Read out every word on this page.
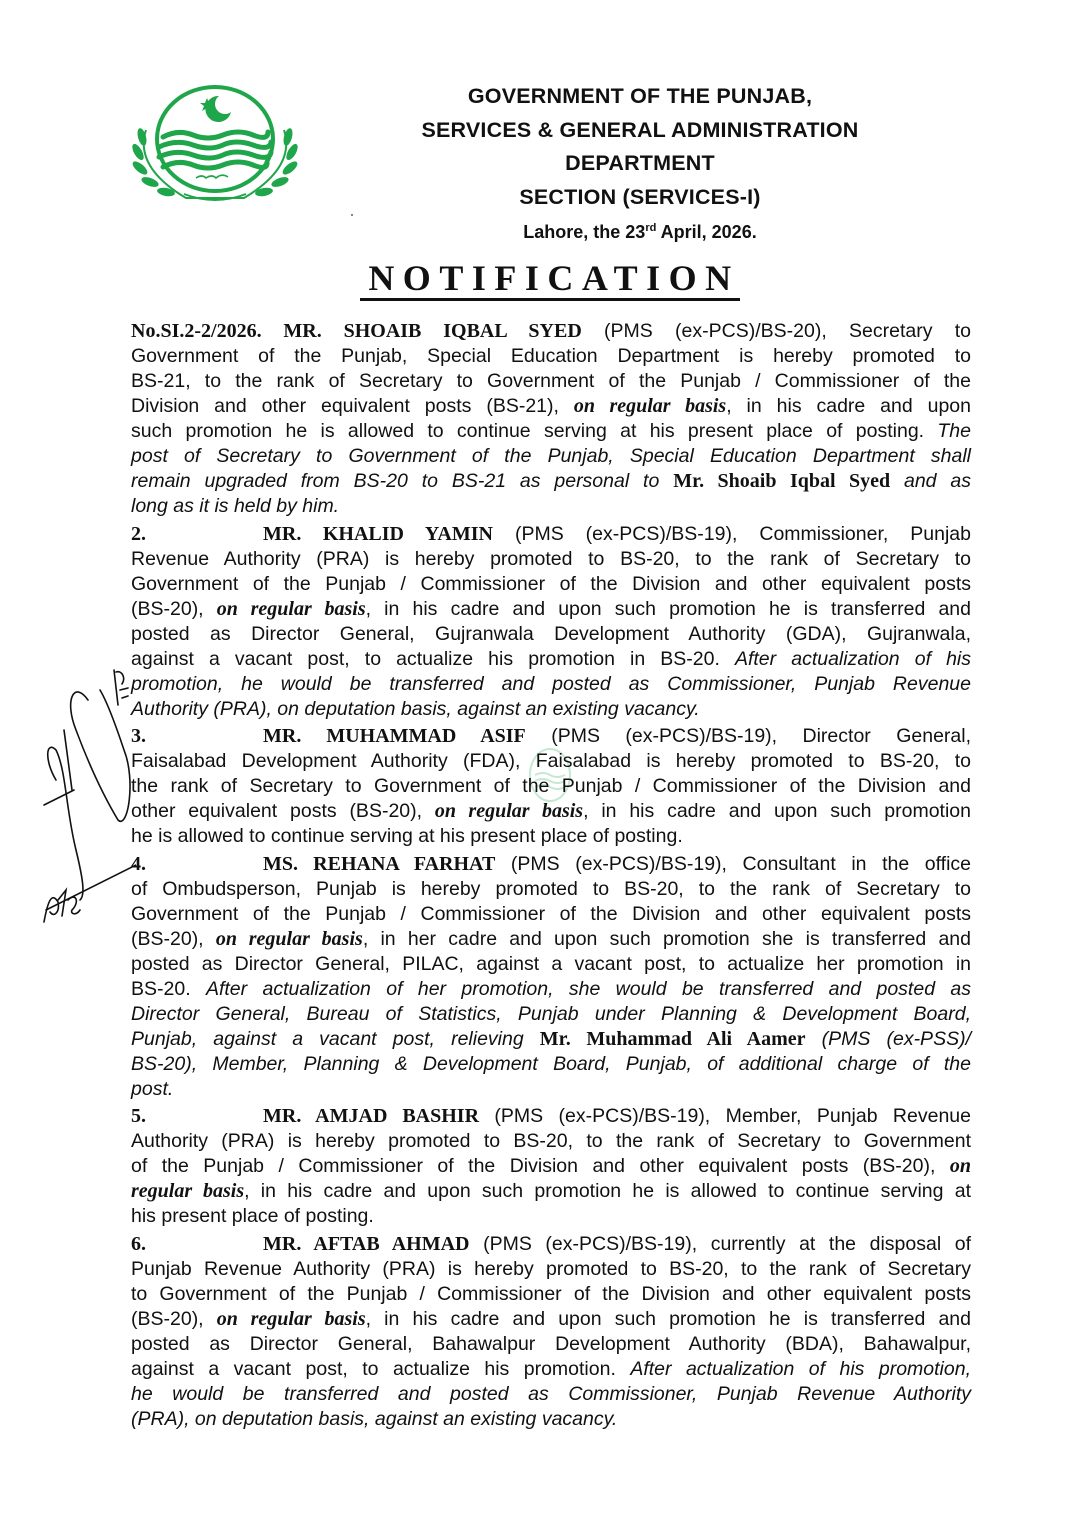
GOVERNMENT OF THE PUNJAB,
SERVICES & GENERAL ADMINISTRATION
DEPARTMENT
SECTION (SERVICES-I)
Lahore, the 23rd April, 2026.
NOTIFICATION
No.SI.2-2/2026. MR. SHOAIB IQBAL SYED (PMS (ex-PCS)/BS-20), Secretary to
Government of the Punjab, Special Education Department is hereby promoted to
BS-21, to the rank of Secretary to Government of the Punjab / Commissioner of the
Division and other equivalent posts (BS-21), on regular basis, in his cadre and upon
such promotion he is allowed to continue serving at his present place of posting. The
post of Secretary to Government of the Punjab, Special Education Department shall
remain upgraded from BS-20 to BS-21 as personal to Mr. Shoaib Iqbal Syed and as
long as it is held by him.
2.	MR. KHALID YAMIN (PMS (ex-PCS)/BS-19), Commissioner, Punjab
Revenue Authority (PRA) is hereby promoted to BS-20, to the rank of Secretary to
Government of the Punjab / Commissioner of the Division and other equivalent posts
(BS-20), on regular basis, in his cadre and upon such promotion he is transferred and
posted as Director General, Gujranwala Development Authority (GDA), Gujranwala,
against a vacant post, to actualize his promotion in BS-20. After actualization of his
promotion, he would be transferred and posted as Commissioner, Punjab Revenue
Authority (PRA), on deputation basis, against an existing vacancy.
3.	MR. MUHAMMAD ASIF (PMS (ex-PCS)/BS-19), Director General,
Faisalabad Development Authority (FDA), Faisalabad is hereby promoted to BS-20, to
the rank of Secretary to Government of the Punjab / Commissioner of the Division and
other equivalent posts (BS-20), on regular basis, in his cadre and upon such promotion
he is allowed to continue serving at his present place of posting.
4.	MS. REHANA FARHAT (PMS (ex-PCS)/BS-19), Consultant in the office
of Ombudsperson, Punjab is hereby promoted to BS-20, to the rank of Secretary to
Government of the Punjab / Commissioner of the Division and other equivalent posts
(BS-20), on regular basis, in her cadre and upon such promotion she is transferred and
posted as Director General, PILAC, against a vacant post, to actualize her promotion in
BS-20. After actualization of her promotion, she would be transferred and posted as
Director General, Bureau of Statistics, Punjab under Planning & Development Board,
Punjab, against a vacant post, relieving Mr. Muhammad Ali Aamer (PMS (ex-PSS)/
BS-20), Member, Planning & Development Board, Punjab, of additional charge of the
post.
5.	MR. AMJAD BASHIR (PMS (ex-PCS)/BS-19), Member, Punjab Revenue
Authority (PRA) is hereby promoted to BS-20, to the rank of Secretary to Government
of the Punjab / Commissioner of the Division and other equivalent posts (BS-20), on
regular basis, in his cadre and upon such promotion he is allowed to continue serving at
his present place of posting.
6.	MR. AFTAB AHMAD (PMS (ex-PCS)/BS-19), currently at the disposal of
Punjab Revenue Authority (PRA) is hereby promoted to BS-20, to the rank of Secretary
to Government of the Punjab / Commissioner of the Division and other equivalent posts
(BS-20), on regular basis, in his cadre and upon such promotion he is transferred and
posted as Director General, Bahawalpur Development Authority (BDA), Bahawalpur,
against a vacant post, to actualize his promotion. After actualization of his promotion,
he would be transferred and posted as Commissioner, Punjab Revenue Authority
(PRA), on deputation basis, against an existing vacancy.
